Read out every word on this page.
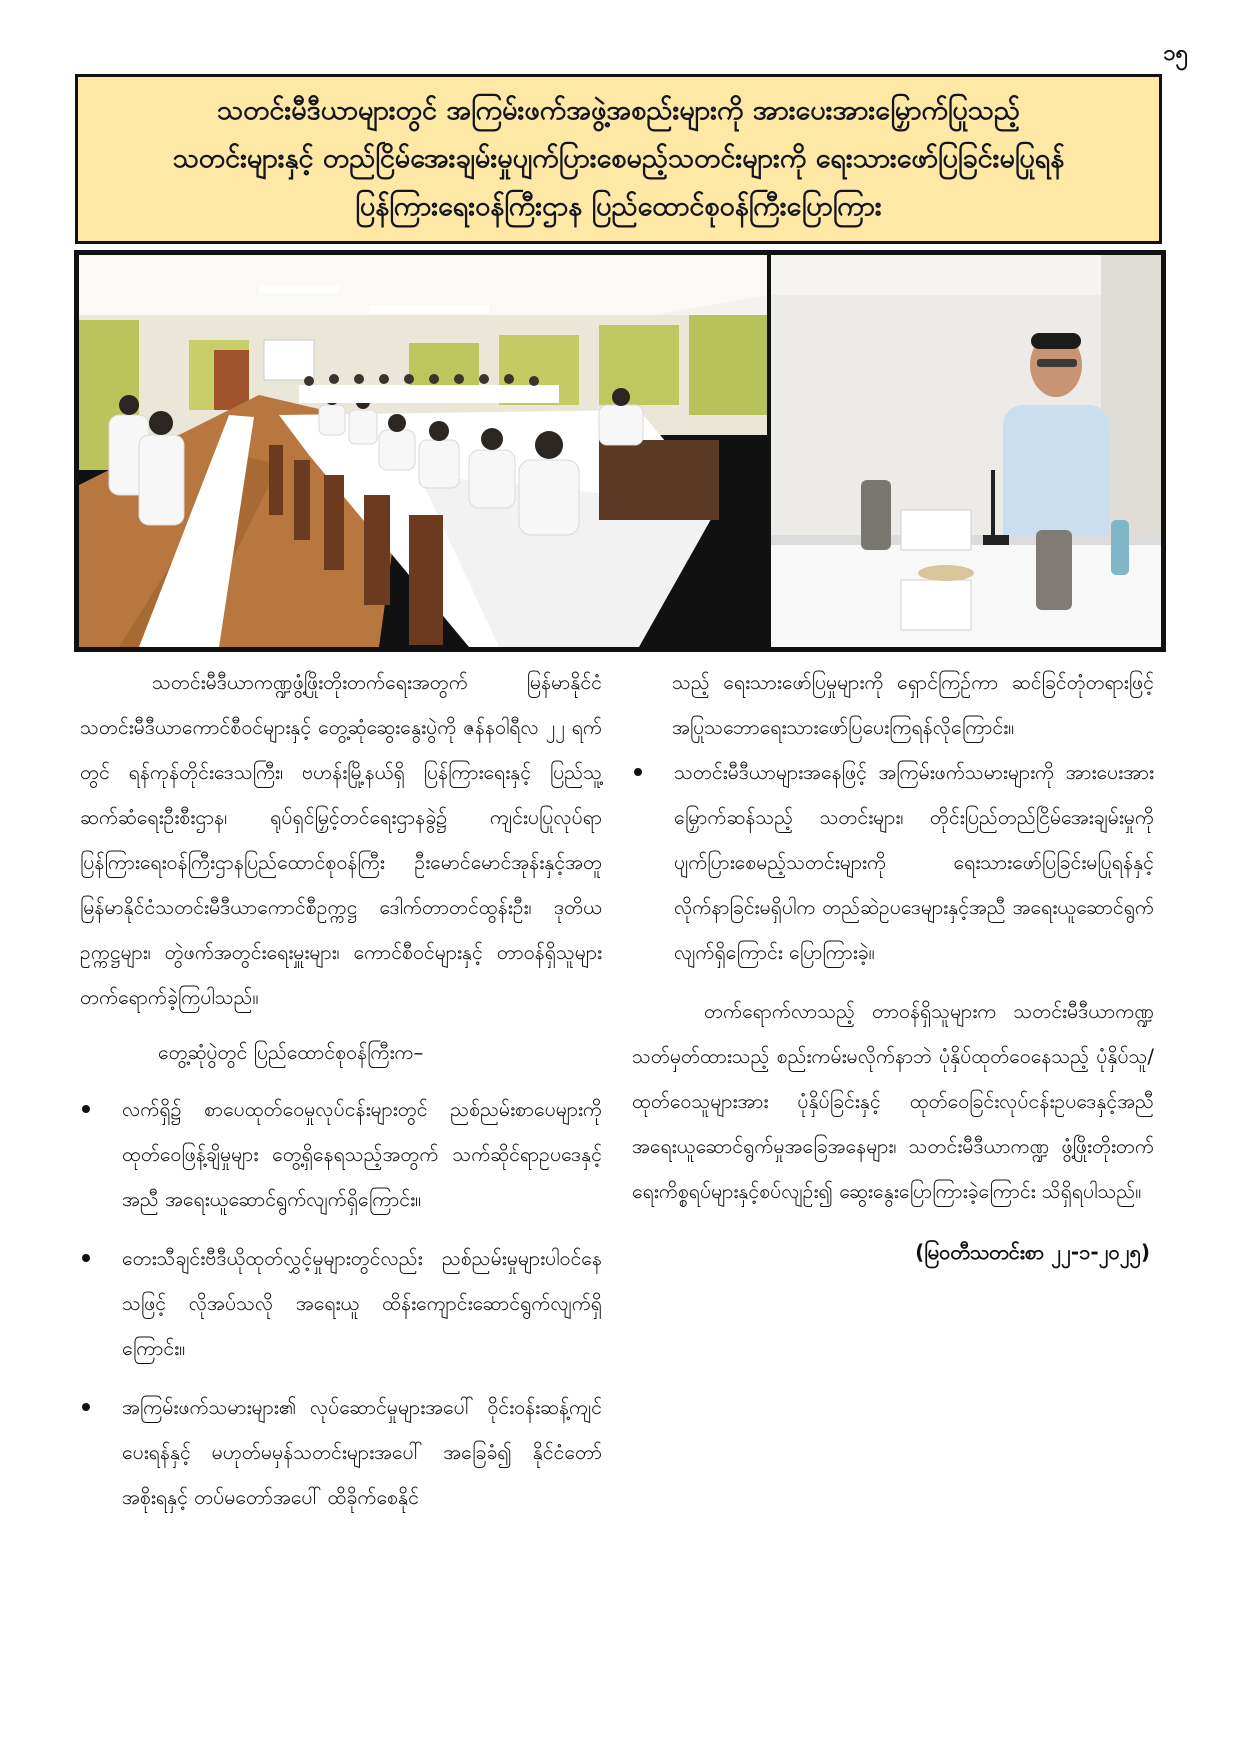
၁၅
သတင်းမီဒီယာများတွင် အကြမ်းဖက်အဖွဲ့အစည်းများကို အားပေးအားမြှောက်ပြုသည့်
သတင်းများနှင့် တည်ငြိမ်အေးချမ်းမှုပျက်ပြားစေမည့်သတင်းများကို ရေးသားဖော်ပြခြင်းမပြုရန်
ပြန်ကြားရေးဝန်ကြီးဌာန ပြည်ထောင်စုဝန်ကြီးပြောကြား

သတင်းမီဒီယာကဏ္ဍဖွံ့ဖြိုးတိုးတက်ရေးအတွက် မြန်မာနိုင်ငံသတင်းမီဒီယာကောင်စီဝင်များနှင့် တွေ့ဆုံဆွေးနွေးပွဲကို ဇန်နဝါရီလ ၂၂ ရက်တွင် ရန်ကုန်တိုင်းဒေသကြီး၊ ဗဟန်းမြို့နယ်ရှိ ပြန်ကြားရေးနှင့် ပြည်သူ့ဆက်ဆံရေးဦးစီးဌာန၊ ရုပ်ရှင်မြှင့်တင်ရေးဌာနခွဲ၌ ကျင်းပပြုလုပ်ရာ ပြန်ကြားရေးဝန်ကြီးဌာနပြည်ထောင်စုဝန်ကြီး ဦးမောင်မောင်အုန်းနှင့်အတူ မြန်မာနိုင်ငံသတင်းမီဒီယာကောင်စီဥက္ကဋ္ဌ ဒေါက်တာတင်ထွန်းဦး၊ ဒုတိယဥက္ကဋ္ဌများ၊ တွဲဖက်အတွင်းရေးမှူးများ၊ ကောင်စီဝင်များနှင့် တာဝန်ရှိသူများ တက်ရောက်ခဲ့ကြပါသည်။

တွေ့ဆုံပွဲတွင် ပြည်ထောင်စုဝန်ကြီးက–

လက်ရှိ၌ စာပေထုတ်ဝေမှုလုပ်ငန်းများတွင် ညစ်ညမ်းစာပေများကို ထုတ်ဝေဖြန့်ချိမှုများ တွေ့ရှိနေရသည့်အတွက် သက်ဆိုင်ရာဥပဒေနှင့်အညီ အရေးယူဆောင်ရွက်လျက်ရှိကြောင်း။
တေးသီချင်းဗီဒီယိုထုတ်လွှင့်မှုများတွင်လည်း ညစ်ညမ်းမှုများပါဝင်နေသဖြင့် လိုအပ်သလို အရေးယူ ထိန်းကျောင်းဆောင်ရွက်လျက်ရှိကြောင်း။
အကြမ်းဖက်သမားများ၏ လုပ်ဆောင်မှုများအပေါ် ဝိုင်းဝန်းဆန့်ကျင်ပေးရန်နှင့် မဟုတ်မမှန်သတင်းများအပေါ် အခြေခံ၍ နိုင်ငံတော်အစိုးရနှင့် တပ်မတော်အပေါ် ထိခိုက်စေနိုင်

သည့် ရေးသားဖော်ပြမှုများကို ရှောင်ကြဉ်ကာ ဆင်ခြင်တုံတရားဖြင့် အပြုသဘောရေးသားဖော်ပြပေးကြရန်လိုကြောင်း။

သတင်းမီဒီယာများအနေဖြင့် အကြမ်းဖက်သမားများကို အားပေးအားမြှောက်ဆန်သည့် သတင်းများ၊ တိုင်းပြည်တည်ငြိမ်အေးချမ်းမှုကို ပျက်ပြားစေမည့်သတင်းများကို ရေးသားဖော်ပြခြင်းမပြုရန်နှင့် လိုက်နာခြင်းမရှိပါက တည်ဆဲဥပဒေများနှင့်အညီ အရေးယူဆောင်ရွက်လျက်ရှိကြောင်း ပြောကြားခဲ့။

တက်ရောက်လာသည့် တာဝန်ရှိသူများက သတင်းမီဒီယာကဏ္ဍ သတ်မှတ်ထားသည့် စည်းကမ်းမလိုက်နာဘဲ ပုံနှိပ်ထုတ်ဝေနေသည့် ပုံနှိပ်သူ/ထုတ်ဝေသူများအား ပုံနှိပ်ခြင်းနှင့် ထုတ်ဝေခြင်းလုပ်ငန်းဥပဒေနှင့်အညီ အရေးယူဆောင်ရွက်မှုအခြေအနေများ၊ သတင်းမီဒီယာကဏ္ဍ ဖွံ့ဖြိုးတိုးတက်ရေးကိစ္စရပ်များနှင့်စပ်လျဉ်း၍ ဆွေးနွေးပြောကြားခဲ့ကြောင်း သိရှိရပါသည်။

(မြဝတီသတင်းစာ ၂၂-၁-၂၀၂၅)
